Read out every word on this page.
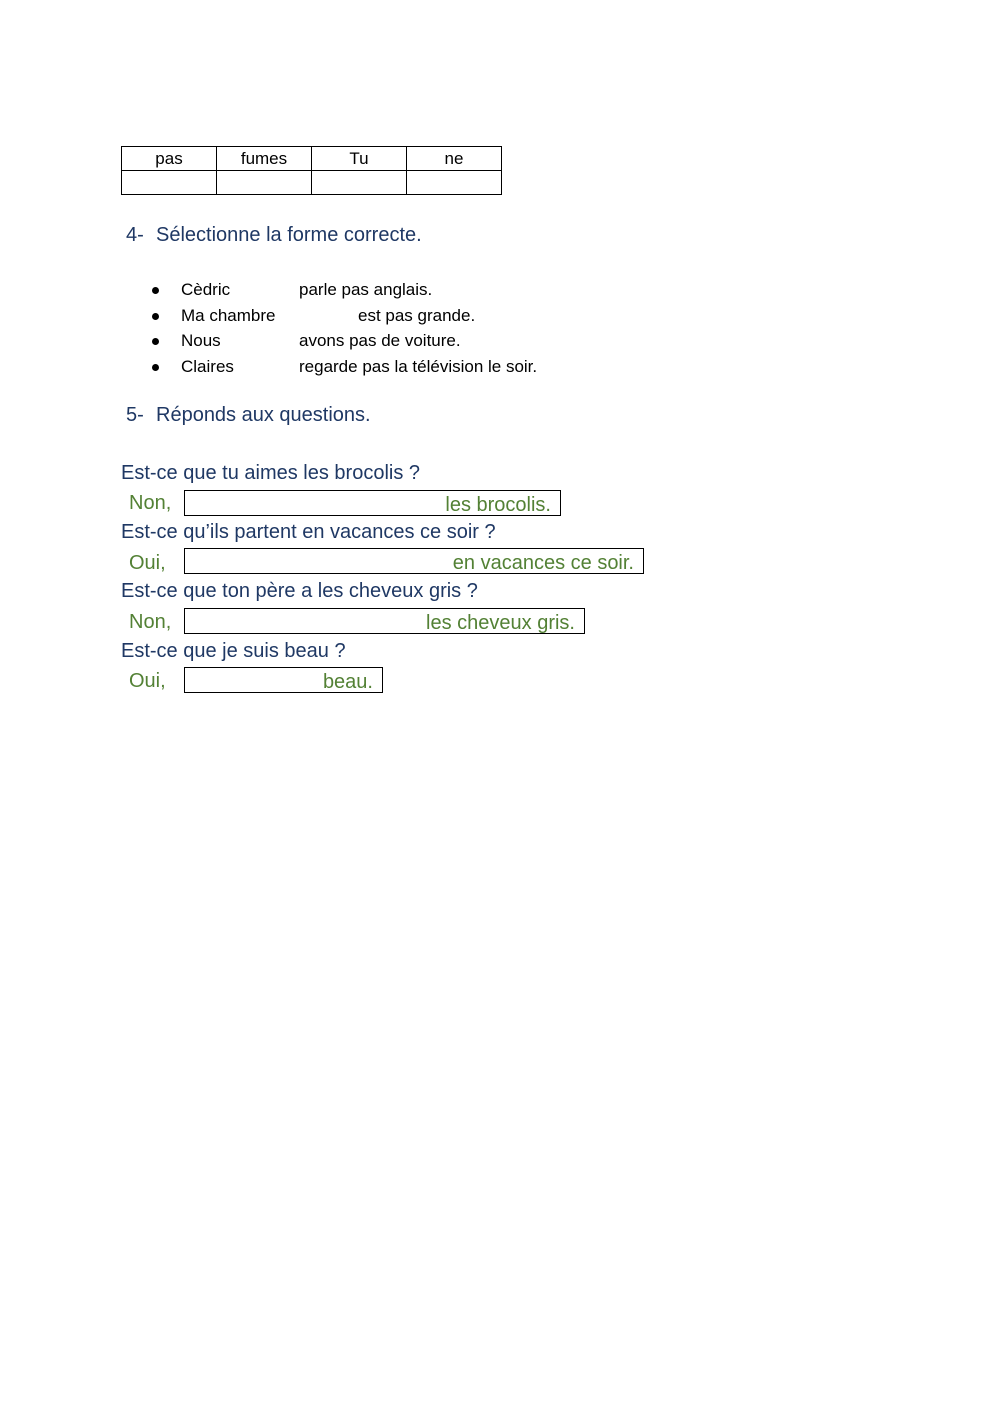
pas	fumes	Tu	ne

4- Sélectionne la forme correcte.
Cèdric	parle pas anglais.
Ma chambre	est pas grande.
Nous	avons pas de voiture.
Claires	regarde pas la télévision le soir.
5- Réponds aux questions.
Est-ce que tu aimes les brocolis ?
Non,	les brocolis.
Est-ce qu’ils partent en vacances ce soir ?
Oui,	en vacances ce soir.
Est-ce que ton père a les cheveux gris ?
Non,	les cheveux gris.
Est-ce que je suis beau ?
Oui,	beau.
